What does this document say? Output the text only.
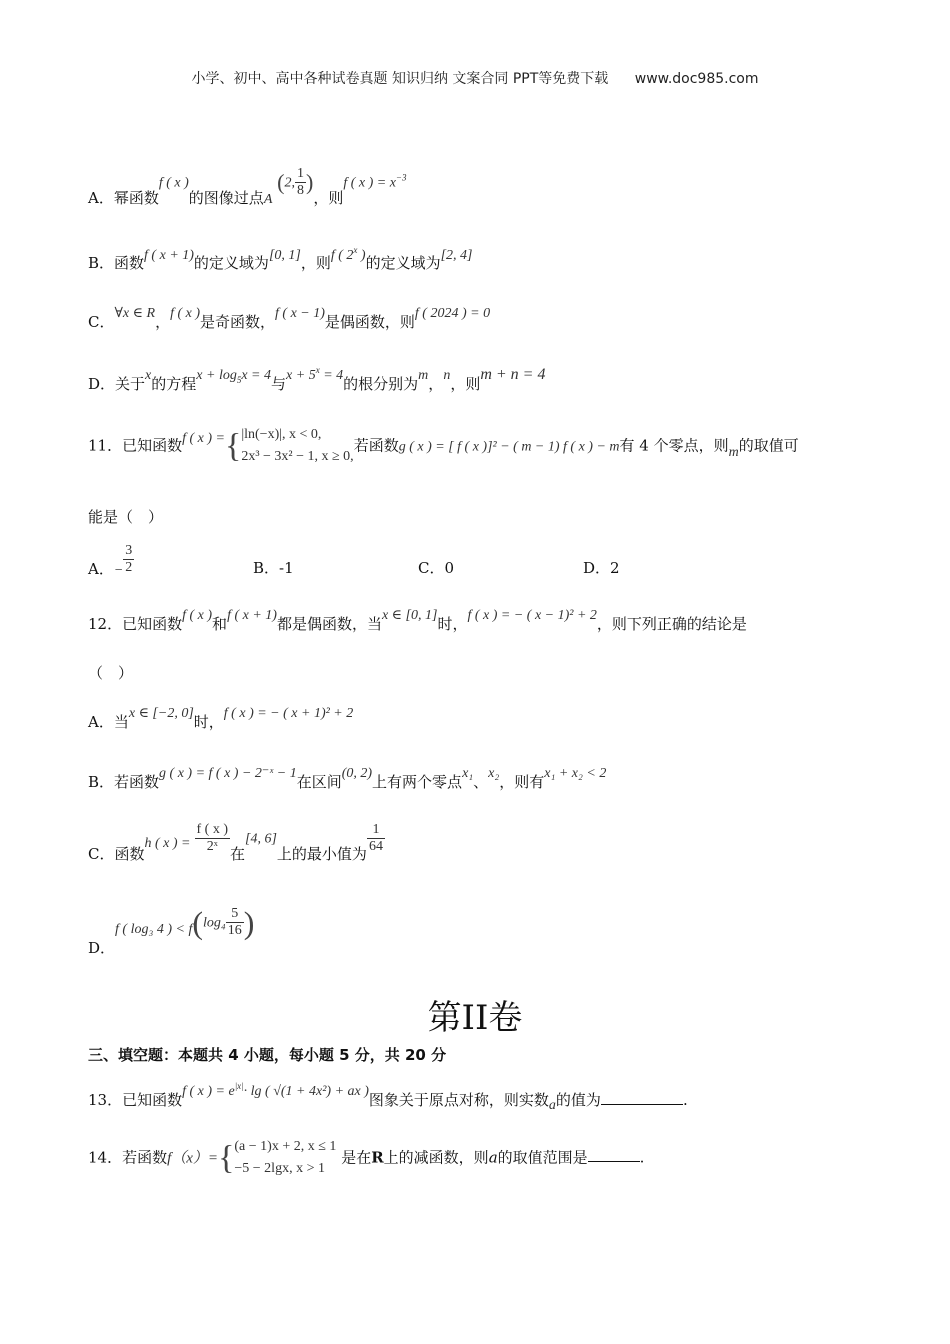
小学、初中、高中各种试卷真题 知识归纳 文案合同 PPT等免费下载 www.doc985.com
A．幂函数f ( x )的图像过点A (2, $\frac{1}{8}$ )，则f ( x ) = $x^{-3}$
B．函数f ( x + 1)的定义域为[0, 1]，则f ( 2$^x$ )的定义域为[2, 4]
C．∀x ∈ R，f ( x )是奇函数，f ( x − 1)是偶函数，则f ( 2024 ) = 0
D．关于x的方程$x + \log_5x = 4$与$x + 5^x = 4$的根分别为m，n，则m + n = 4
11．已知函数f ( x ) ={ |ln(−x)|, x < 0,
2x³ − 3x² − 1, x ≥ 0,
若函数g ( x ) = [ f ( x )]² − ( m − 1) f ( x ) − m有 4 个零点，则m的取值可
能是（　）
A．− $\frac{3}{2}$	B．-1	C．0	D．2
12．已知函数f ( x )和f ( x + 1)都是偶函数，当x ∈ [0, 1]时，f ( x ) = − ( x − 1)² + 2，则下列正确的结论是
（　）
A．当x ∈ [−2, 0]时，f ( x ) = − ( x + 1)² + 2
B．若函数g ( x ) = f ( x ) − 2⁻ˣ − 1在区间(0, 2)上有两个零点x₁、x₂，则有x₁ + x₂ < 2
C．函数h ( x ) = $\frac{f ( x )}{\text{2ˣ}}$ 在[4, 6]上的最小值为 $\frac{1}{64}$
D．f ( log₃ 4 ) < $f(\log_4 \frac{5}{16}$ )
第II卷
三、填空题：本题共 4 小题，每小题 5 分，共 20 分
13．已知函数f ( x ) = $e^{|x|}\cdot \lg$ ( √(1 + 4x²) + ax )图象关于原点对称，则实数a的值为	.
14．若函数f（x）={ (a − 1)x + 2, x ≤ 1
−5 − 2lgx, x > 1
是在R上的减函数，则a的取值范围是	.
